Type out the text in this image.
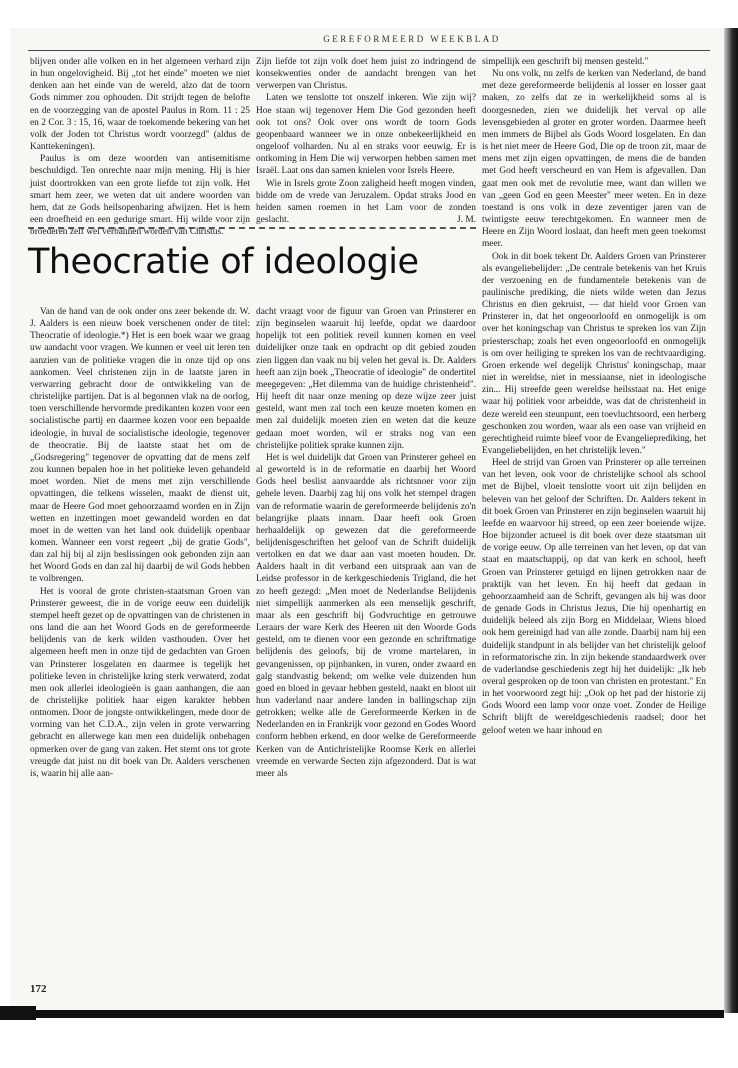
GEREFORMEERD WEEKBLAD

blijven onder alle volken en in het algemeen verhard zijn in hun ongelovigheid. Bij „tot het einde" moeten we niet denken aan het einde van de wereld, alzo dat de toorn Gods nimmer zou ophouden. Dit strijdt tegen de belofte en de voorzegging van de apostel Paulus in Rom. 11 : 25 en 2 Cor. 3 : 15, 16, waar de toekomende bekering van het volk der Joden tot Christus wordt voorzegd" (aldus de Kanttekeningen).

Paulus is om deze woorden van antisemitisme beschuldigd. Ten onrechte naar mijn mening. Hij is hier juist doortrokken van een grote liefde tot zijn volk. Het smart hem zeer, we weten dat uit andere woorden van hem, dat ze Gods heilsopenbaring afwijzen. Het is hem een droefheid en een gedurige smart. Hij wilde voor zijn broederen zelf wel verbannen worden van Christus.

Zijn liefde tot zijn volk doet hem juist zo indringend de konsekwenties onder de aandacht brengen van het verwerpen van Christus.

Laten we tenslotte tot onszelf inkeren. Wie zijn wij? Hoe staan wij tegenover Hem Die God gezonden heeft ook tot ons? Ook over ons wordt de toorn Gods geopenbaard wanneer we in onze onbekeerlijkheid en ongeloof volharden. Nu al en straks voor eeuwig. Er is ontkoming in Hem Die wij verworpen hebben samen met Israël. Laat ons dan samen knielen voor Isrels Heere.

Wie in Isrels grote Zoon zaligheid heeft mogen vinden, bidde om de vrede van Jeruzalem. Opdat straks Jood en heiden samen roemen in het Lam voor de zonden geslacht.	J. M.

Theocratie of ideologie

Van de hand van de ook onder ons zeer bekende dr. W. J. Aalders is een nieuw boek verschenen onder de titel: Theocratie of ideologie.*) Het is een boek waar we graag uw aandacht voor vragen. We kunnen er veel uit leren ten aanzien van de politieke vragen die in onze tijd op ons aankomen. Veel christenen zijn in de laatste jaren in verwarring gebracht door de ontwikkeling van de christelijke partijen. Dat is al begonnen vlak na de oorlog, toen verschillende hervormde predikanten kozen voor een socialistische partij en daarmee kozen voor een bepaalde ideologie, in huval de socialistische ideologie, tegenover de theocratie. Bij de laatste staat het om de „Godsregering" tegenover de opvatting dat de mens zelf zou kunnen bepalen hoe in het politieke leven gehandeld moet worden. Niet de mens met zijn verschillende opvattingen, die telkens wisselen, maakt de dienst uit, maar de Heere God moet gehoorzaamd worden en in Zijn wetten en inzettingen moet gewandeld worden en dat moet in de wetten van het land ook duidelijk openbaar komen. Wanneer een vorst regeert „bij de gratie Gods", dan zal hij bij al zijn beslissingen ook gebonden zijn aan het Woord Gods en dan zal hij daarbij de wil Gods hebben te volbrengen.

Het is vooral de grote christen-staatsman Groen van Prinsterer geweest, die in de vorige eeuw een duidelijk stempel heeft gezet op de opvattingen van de christenen in ons land die aan het Woord Gods en de gereformeerde belijdenis van de kerk wilden vasthouden. Over het algemeen heeft men in onze tijd de gedachten van Groen van Prinsterer losgelaten en daarmee is tegelijk het politieke leven in christelijke kring sterk verwaterd, zodat men ook allerlei ideologieën is gaan aanhangen, die aan de christelijke politiek haar eigen karakter hebben ontnomen. Door de jongste ontwikkelingen, mede door de vorming van het C.D.A., zijn velen in grote verwarring gebracht en allerwege kan men een duidelijk onbehagen opmerken over de gang van zaken. Het stemt ons tot grote vreugde dat juist nu dit boek van Dr. Aalders verschenen is, waarin hij alle aan-

dacht vraagt voor de figuur van Groen van Prinsterer en zijn beginselen waaruit hij leefde, opdat we daardoor hopelijk tot een politiek reveil kunnen komen en veel duidelijker onze taak en opdracht op dit gebied zouden zien liggen dan vaak nu bij velen het geval is. Dr. Aalders heeft aan zijn boek „Theocratie of ideologie" de ondertitel meegegeven: „Het dilemma van de huidige christenheid". Hij heeft dit naar onze mening op deze wijze zeer juist gesteld, want men zal toch een keuze moeten komen en men zal duidelijk moeten zien en weten dat die keuze gedaan moet worden, wil er straks nog van een christelijke politiek sprake kunnen zijn.

Het is wel duidelijk dat Groen van Prinsterer geheel en al geworteld is in de reformatie en daarbij het Woord Gods heel beslist aanvaardde als richtsnoer voor zijn gehele leven. Daarbij zag hij ons volk het stempel dragen van de reformatie waarin de gereformeerde belijdenis zo'n belangrijke plaats innam. Daar heeft ook Groen herhaaldelijk op gewezen dat die gereformeerde belijdenisgeschriften het geloof van de Schrift duidelijk vertolken en dat we daar aan vast moeten houden. Dr. Aalders haalt in dit verband een uitspraak aan van de Leidse professor in de kerkgeschiedenis Trigland, die het zo heeft gezegd: „Men moet de Nederlandse Belijdenis niet simpellijk aanmerken als een menselijk geschrift, maar als een geschrift bij Godvruchtige en getrouwe Leraars der ware Kerk des Heeren uit den Woorde Gods gesteld, om te dienen voor een gezonde en schriftmatige belijdenis des geloofs, bij de vrome martelaren, in gevangenissen, op pijnbanken, in vuren, onder zwaard en galg standvastig bekend; om welke vele duizenden hun goed en bloed in gevaar hebben gesteld, naakt en bloot uit hun vaderland naar andere landen in ballingschap zijn getrokken; welke alle de Gereformeerde Kerken in de Nederlanden en in Frankrijk voor gezond en Godes Woord conform hebben erkend, en door welke de Gereformeerde Kerken van de Antichristelijke Roomse Kerk en allerlei vreemde en verwarde Secten zijn afgezonderd. Dat is wat meer als

simpellijk een geschrift bij mensen gesteld."

Nu ons volk, nu zelfs de kerken van Nederland, de band met deze gereformeerde belijdenis al losser en losser gaat maken, zo zelfs dat ze in werkelijkheid soms al is doorgesneden, zien we duidelijk het verval op alle levensgebieden al groter en groter worden. Daarmee heeft men immers de Bijbel als Gods Woord losgelaten. En dan is het niet meer de Heere God, Die op de troon zit, maar de mens met zijn eigen opvattingen, de mens die de banden met God heeft verscheurd en van Hem is afgevallen. Dan gaat men ook met de revolutie mee, want dan willen we van „geen God en geen Meester" meer weten. En in deze toestand is ons volk in deze zeventiger jaren van de twintigste eeuw terechtgekomen. En wanneer men de Heere en Zijn Woord loslaat, dan heeft men geen toekomst meer.

Ook in dit boek tekent Dr. Aalders Groen van Prinsterer als evangeliebelijder: „De centrale betekenis van het Kruis der verzoening en de fundamentele betekenis van de paulinische prediking, die niets wilde weten dan Jezus Christus en dien gekruist, — dat hield voor Groen van Prinsterer in, dat het ongeoorloofd en onmogelijk is om over het koningschap van Christus te spreken los van Zijn priesterschap; zoals het even ongeoorloofd en onmogelijk is om over heiliging te spreken los van de rechtvaardiging. Groen erkende wel degelijk Christus' koningschap, maar niet in wereldse, niet in messiaanse, niet in ideologische zin... Hij streefde geen wereldse heilsstaat na. Het enige waar hij politiek voor arbeidde, was dat de christenheid in deze wereld een steunpunt, een toevluchtsoord, een herberg geschonken zou worden, waar als een oase van vrijheid en gerechtigheid ruimte bleef voor de Evangelieprediking, het Evangeliebelijden, en het christelijk leven."

Heel de strijd van Groen van Prinsterer op alle terreinen van het leven, ook voor de christelijke school als school met de Bijbel, vloeit tenslotte voort uit zijn belijden en beleven van het geloof der Schriften. Dr. Aalders tekent in dit boek Groen van Prinsterer en zijn beginselen waaruit hij leefde en waarvoor hij streed, op een zeer boeiende wijze. Hoe bijzonder actueel is dit boek over deze staatsman uit de vorige eeuw. Op alle terreinen van het leven, op dat van staat en maatschappij, op dat van kerk en school, heeft Groen van Prinsterer getuigd en lijnen getrokken naar de praktijk van het leven. En hij heeft dat gedaan in gehoorzaamheid aan de Schrift, gevangen als hij was door de genade Gods in Christus Jezus, Die hij openhartig en duidelijk beleed als zijn Borg en Middelaar, Wiens bloed ook hem gereinigd had van alle zonde. Daarbij nam hij een duidelijk standpunt in als belijder van het christelijk geloof in reformatorische zin. In zijn bekende standaardwerk over de vaderlandse geschiedenis zegt hij het duidelijk: „Ik heb overal gesproken op de toon van christen en protestant." En in het voorwoord zegt hij: „Ook op het pad der historie zij Gods Woord een lamp voor onze voet. Zonder de Heilige Schrift blijft de wereldgeschiedenis raadsel; door het geloof weten we haar inhoud en

172
